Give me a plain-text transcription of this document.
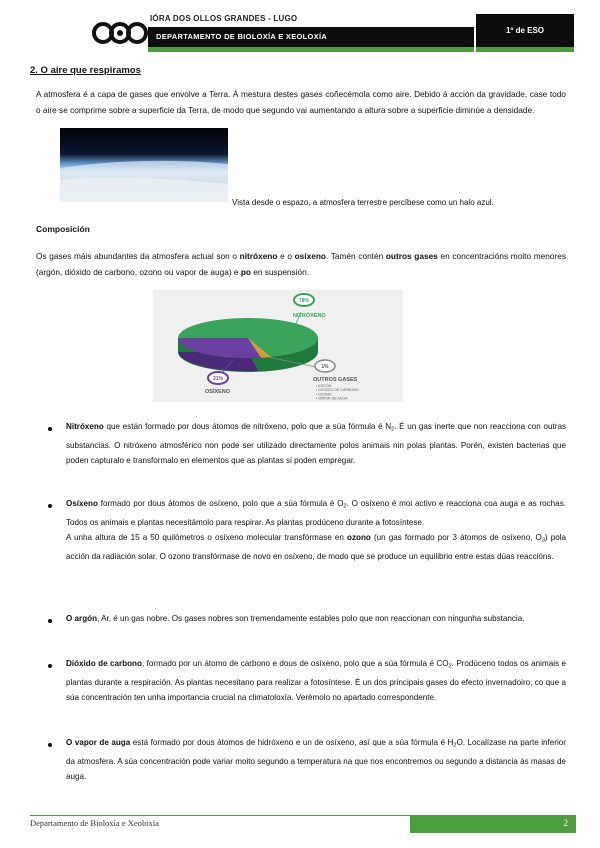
IÓRA DOS OLLOS GRANDES - LUGO
DEPARTAMENTO DE BIOLOXÍA E XEOLOXÍA
1º de ESO
2. O aire que respiramos
A atmosfera é a capa de gases que envolve a Terra. Á mestura destes gases coñecémola como aire. Debido á acción da gravidade, case todo o aire se comprime sobre a superficie da Terra, de modo que segundo vai aumentando a altura sobre a superficie diminúe a densidade.
Vista desde o espazo, a atmosfera terrestre percíbese como un halo azul.
Composición
Os gases máis abundantes da atmosfera actual son o nitróxeno e o osíxeno. Tamén contén outros gases en concentracións moito menores (argón, dióxido de carbono, ozono ou vapor de auga) e po en suspensión.
78%
NITRÓXENO
21%
OSÍXENO
1%
OUTROS GASES
• ARGÓN
• DIÓXIDO DE CARBONO
• OZONO
• VAPOR DE AUGA
Nitróxeno que están formado por dous átomos de nitróxeno, polo que a súa fórmula é $N_2$. É un gas inerte que non reacciona con outras substancias. O nitróxeno atmosférico non pode ser utilizado directamente polos animais nin polas plantas. Porén, existen bacterias que poden capturalo e transformalo en elementos que as plantas si poden empregar.
Osíxeno formado por dous átomos de osíxeno, polo que a súa fórmula é $O_2$. O osíxeno é moi activo e reacciona coa auga e as rochas. Todos os animais e plantas necesitámolo para respirar. As plantas prodúceno durante a fotosíntese.
A unha altura de 15 a 50 quilómetros o osíxeno molecular transfórmase en ozono (un gas formado por 3 átomos de osíxeno, $O_3$) pola acción da radiación solar. O ozono transfórmase de novo en osíxeno, de modo que se produce un equilibrio entre estas dúas reaccións.
O argón, Ar, é un gas nobre. Os gases nobres son tremendamente estables polo que non reaccionan con ningunha substancia.
Dióxido de carbono, formado por un átomo de carbono e dous de osíxeno, polo que a súa fórmula é $CO_2$. Prodúceno todos os animais e plantas durante a respiración. As plantas necesitano para realizar a fotosíntese. É un dos principais gases do efecto invernadoiro, co que a súa concentración ten unha importancia crucial na climatoloxía. Verémolo no apartado correspondente.
O vapor de auga está formado por dous átomos de hidróxeno e un de osíxeno, así que a súa fórmula é $H_2O$. Localízase na parte inferior da atmosfera. A súa concentración pode variar moito segundo a temperatura na que nos encontremos ou segundo a distancia ás masas de auga.
Departamento de Bioloxía e Xeoloxía	2
